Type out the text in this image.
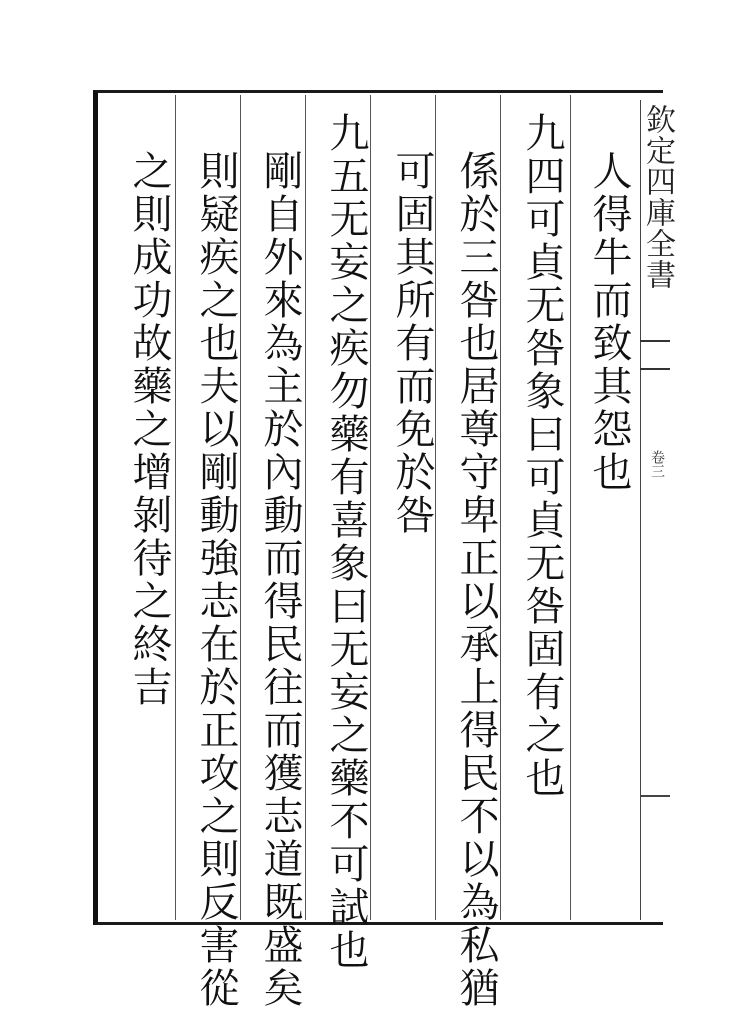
欽定四庫全書
卷三
人得牛而致其怨也
九四可貞无咎象曰可貞无咎固有之也
係於三咎也居尊守卑正以承上得民不以為私猶
可固其所有而免於咎
九五无妄之疾勿藥有喜象曰无妄之藥不可試也
剛自外來為主於內動而得民往而獲志道既盛矣
則疑疾之也夫以剛動強志在於正攻之則反害從
之則成功故藥之增剝待之終吉
